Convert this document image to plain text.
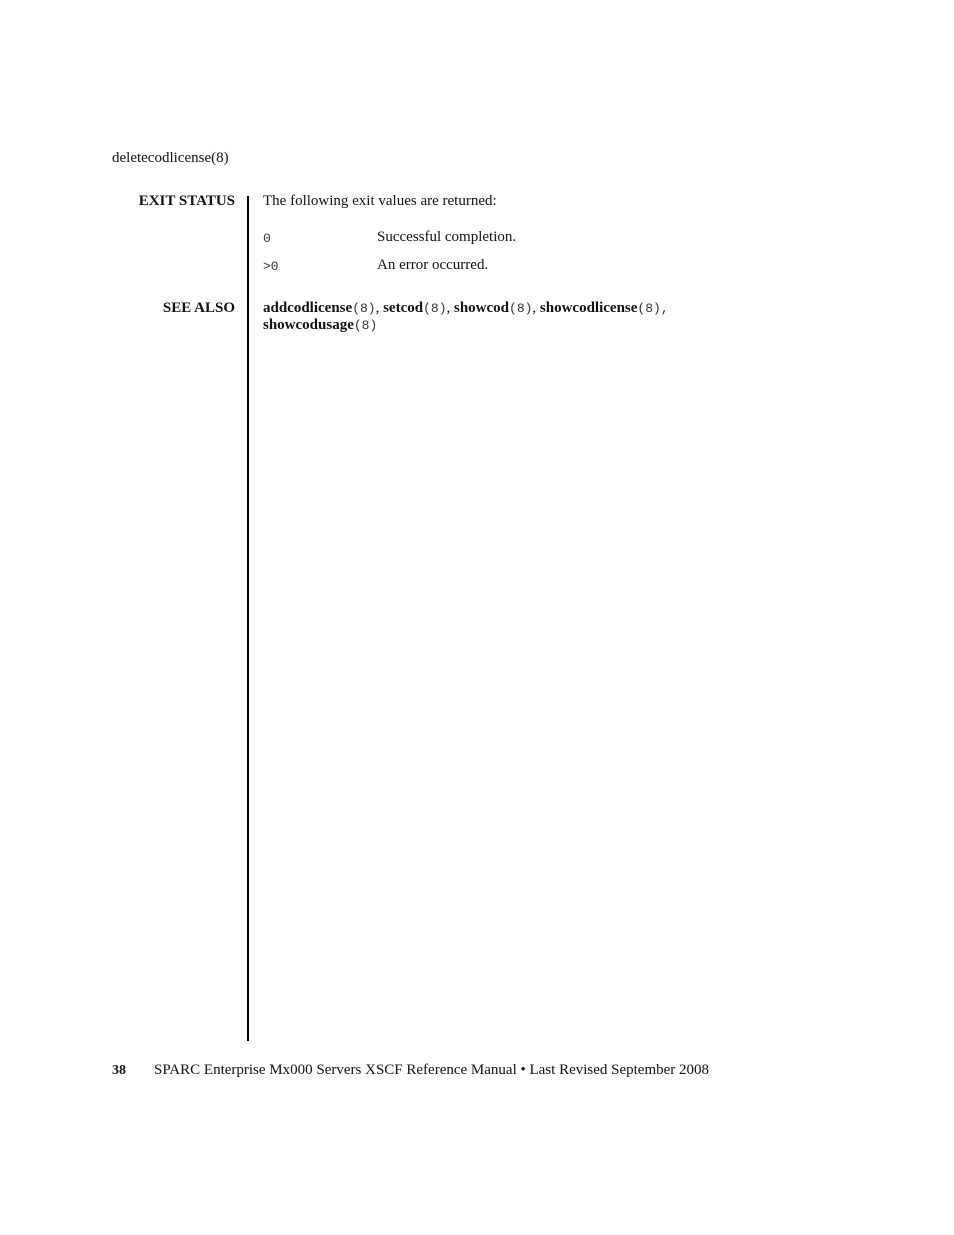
deletecodlicense(8)
EXIT STATUS The following exit values are returned:
0	Successful completion.
>0	An error occurred.
SEE ALSO addcodlicense(8), setcod(8), showcod(8), showcodlicense(8),
showcodusage(8)
38 SPARC Enterprise Mx000 Servers XSCF Reference Manual • Last Revised September 2008
